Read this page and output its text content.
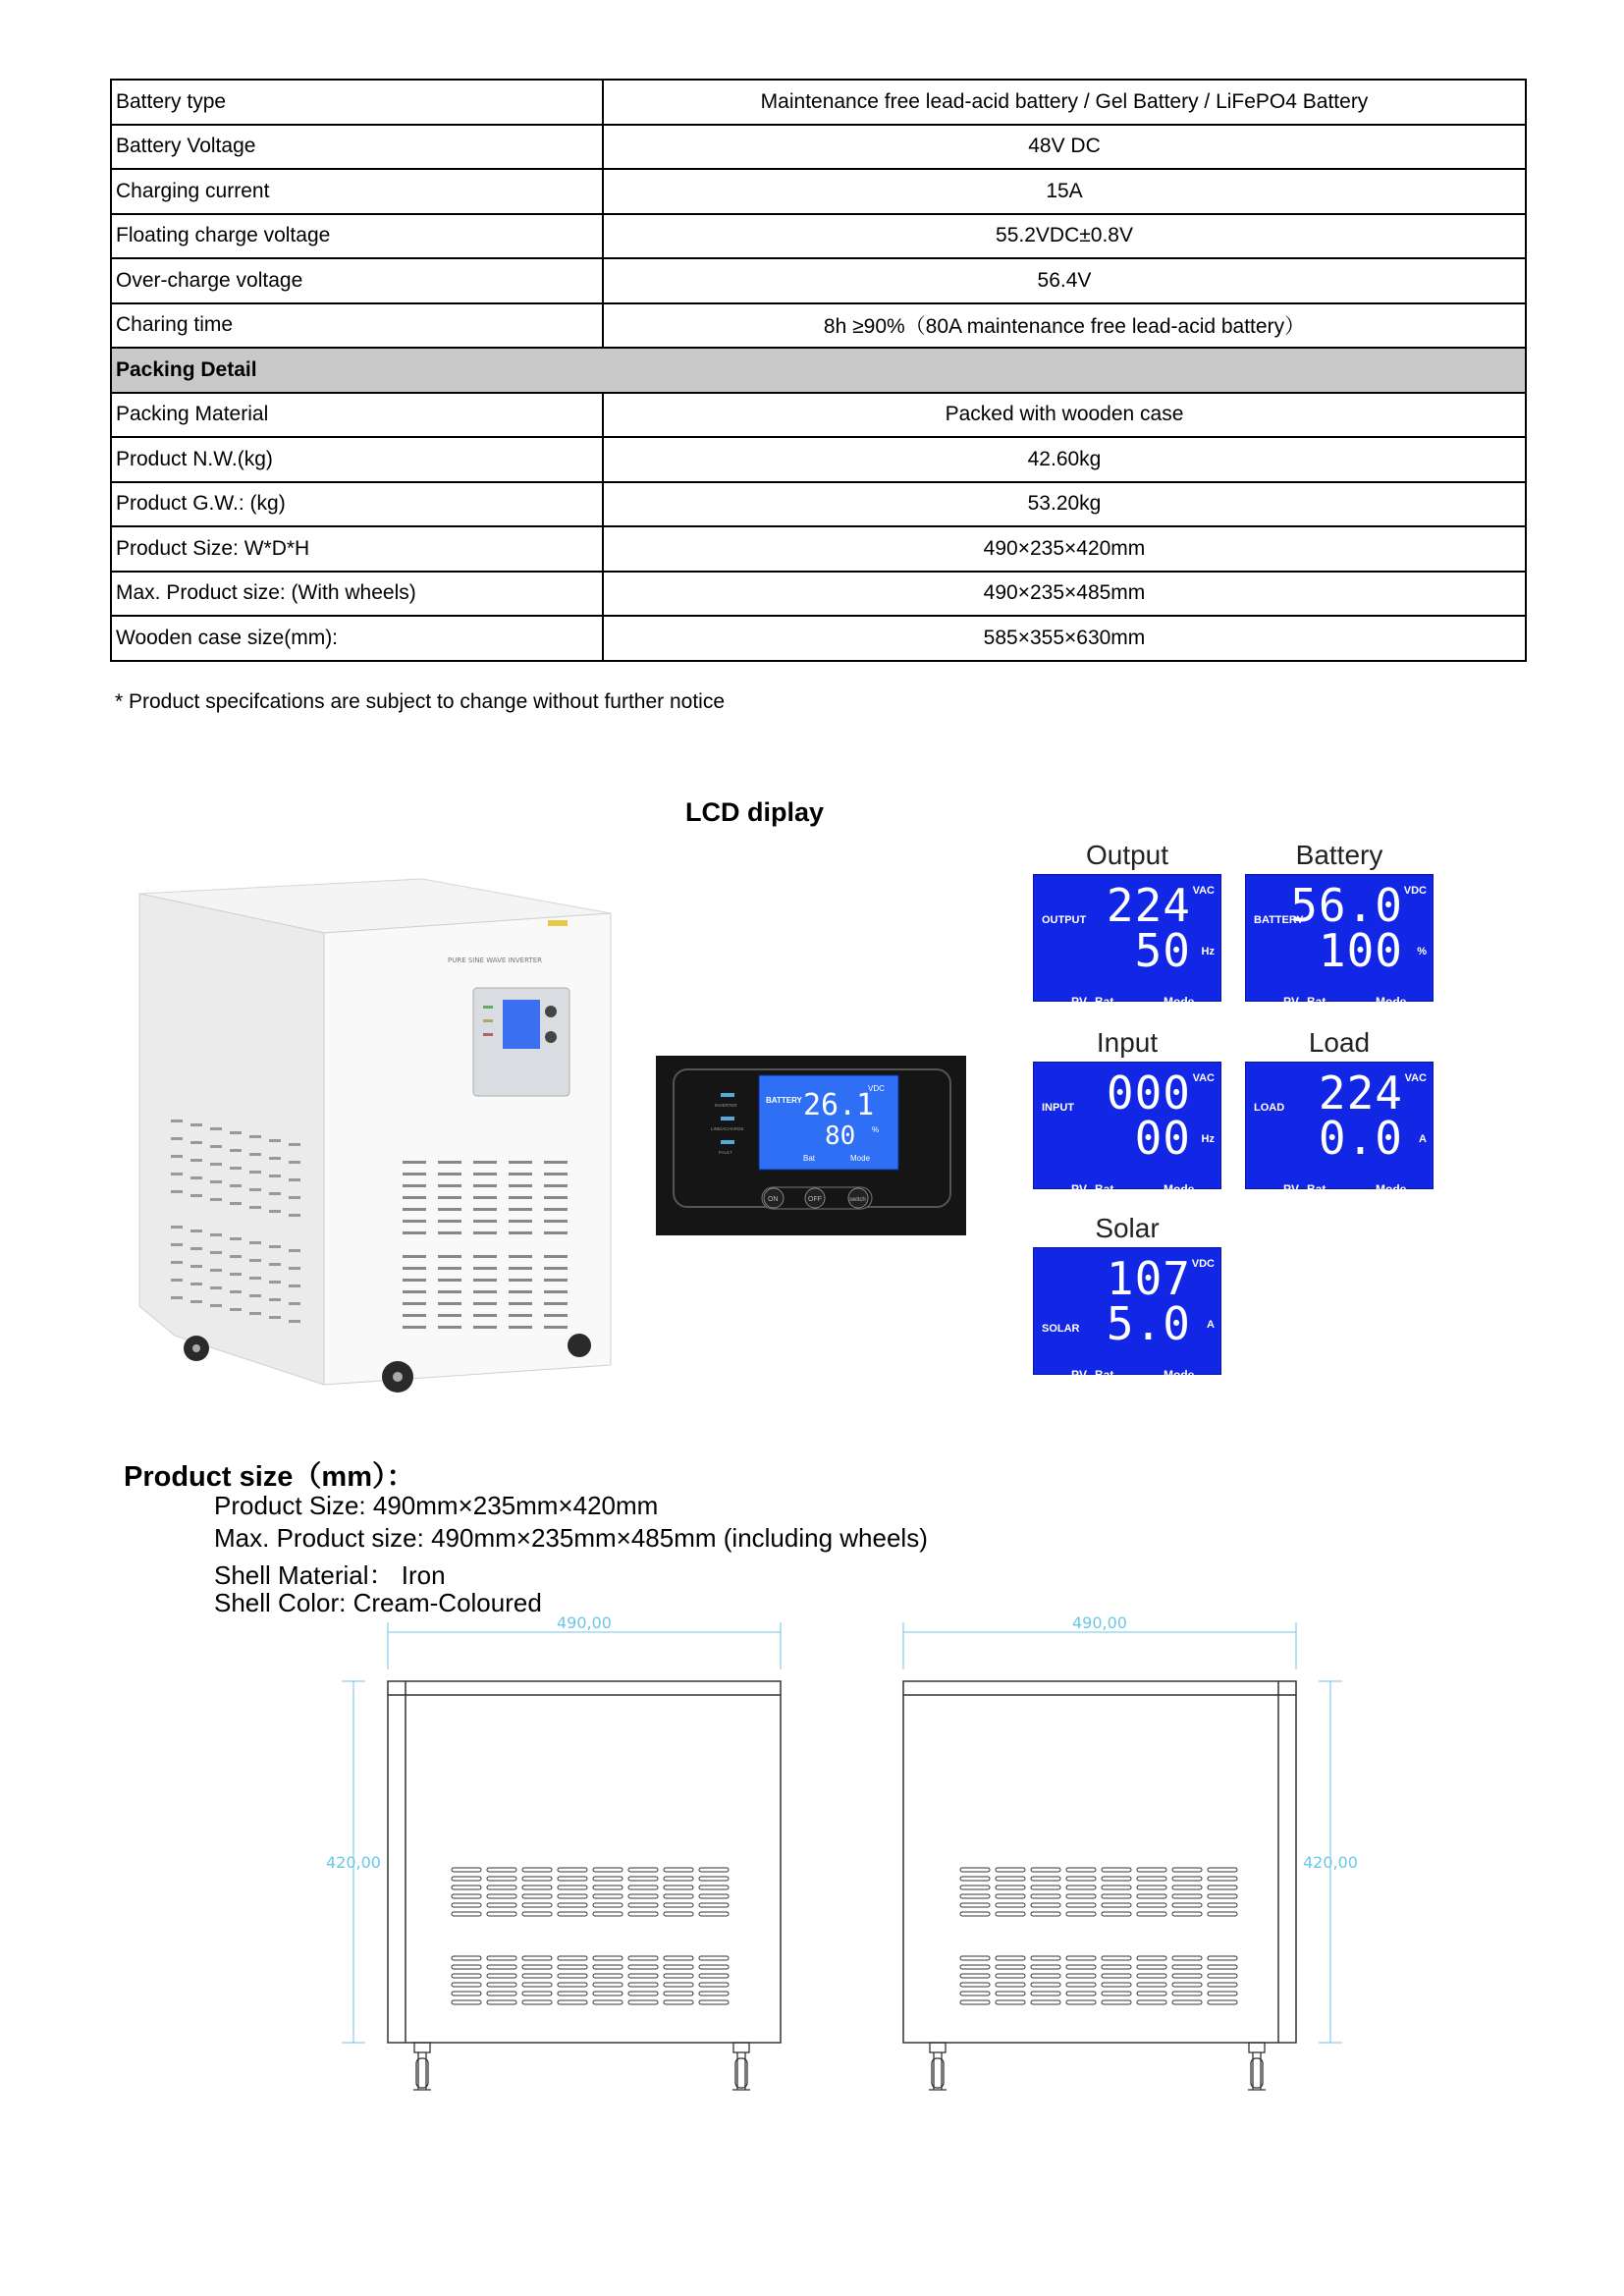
Battery type	Maintenance free lead-acid battery / Gel Battery / LiFePO4 Battery
Battery Voltage	48V DC
Charging current	15A
Floating charge voltage	55.2VDC±0.8V
Over-charge voltage	56.4V
Charing time	8h ≥90%（80A maintenance free lead-acid battery）
Packing Detail	
Packing Material	Packed with wooden case
Product N.W.(kg)	42.60kg
Product G.W.: (kg)	53.20kg
Product Size: W*D*H	490×235×420mm
Max. Product size: (With wheels)	490×235×485mm
Wooden case size(mm):	585×355×630mm
* Product specifcations are subject to change without further notice
LCD diplay
PURE SINE WAVE INVERTER
BATTERY 26.1
VDC
80 %
Bat	Mode
INVERTER
LINE/ACHARGE
FAULT
ON	OFF	switch
Output
OUTPUT 224 VAC
50 Hz
PV Bat	Mode
Battery
BATTERY
56.0 VDC
100 %
PV Bat	Mode
Input
INPUT 000 VAC
00 Hz
PV Bat	Mode
Load
LOAD 224 VAC
0.0 A
PV Bat	Mode
Solar
SOLAR
107 VDC
5.0 A
PV Bat	Mode
Product size（mm）：
Product Size: 490mm×235mm×420mm
Max. Product size: 490mm×235mm×485mm (including wheels)
Shell Material： Iron
Shell Color: Cream-Coloured
490,00
420,00
490,00
420,00
